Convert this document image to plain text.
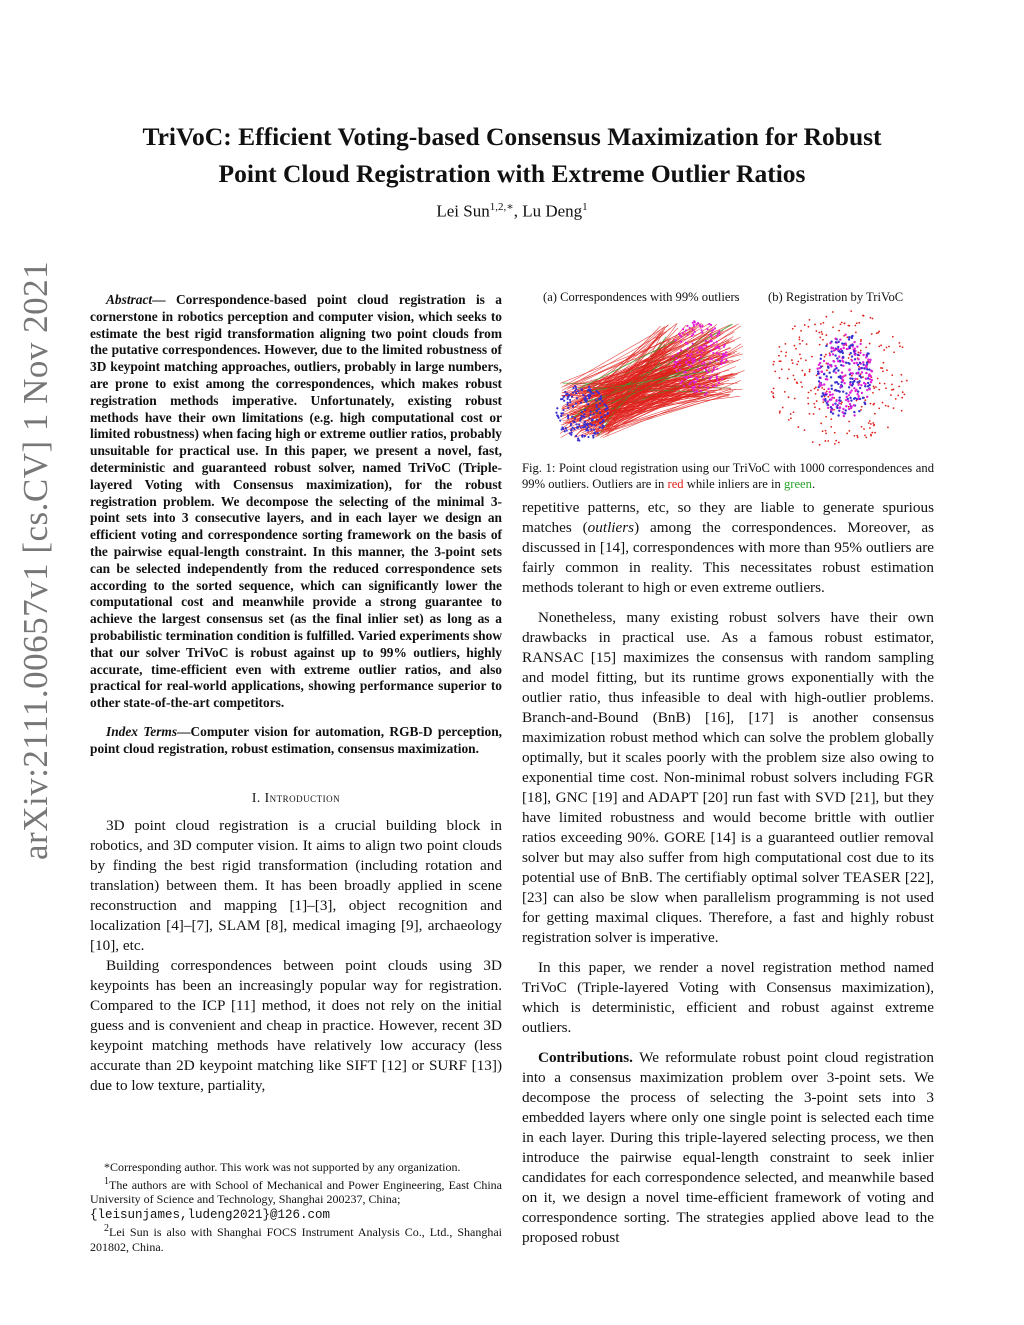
arXiv:2111.00657v1 [cs.CV] 1 Nov 2021
TriVoC: Efficient Voting-based Consensus Maximization for Robust
Point Cloud Registration with Extreme Outlier Ratios
Lei Sun$^{1,2,∗}$, Lu Deng$^1$

Abstract— Correspondence-based point cloud registration is a cornerstone in robotics perception and computer vision, which seeks to estimate the best rigid transformation aligning two point clouds from the putative correspondences. However, due to the limited robustness of 3D keypoint matching approaches, outliers, probably in large numbers, are prone to exist among the correspondences, which makes robust registration methods imperative. Unfortunately, existing robust methods have their own limitations (e.g. high computational cost or limited robustness) when facing high or extreme outlier ratios, probably unsuitable for practical use. In this paper, we present a novel, fast, deterministic and guaranteed robust solver, named TriVoC (Triple-layered Voting with Consensus maximization), for the robust registration problem. We decompose the selecting of the minimal 3-point sets into 3 consecutive layers, and in each layer we design an efficient voting and correspondence sorting framework on the basis of the pairwise equal-length constraint. In this manner, the 3-point sets can be selected independently from the reduced correspondence sets according to the sorted sequence, which can significantly lower the computational cost and meanwhile provide a strong guarantee to achieve the largest consensus set (as the final inlier set) as long as a probabilistic termination condition is fulfilled. Varied experiments show that our solver TriVoC is robust against up to 99% outliers, highly accurate, time-efficient even with extreme outlier ratios, and also practical for real-world applications, showing performance superior to other state-of-the-art competitors.

Index Terms—Computer vision for automation, RGB-D perception, point cloud registration, robust estimation, consensus maximization.

I. Introduction

3D point cloud registration is a crucial building block in robotics, and 3D computer vision. It aims to align two point clouds by finding the best rigid transformation (including rotation and translation) between them. It has been broadly applied in scene reconstruction and mapping [1]–[3], object recognition and localization [4]–[7], SLAM [8], medical imaging [9], archaeology [10], etc.

Building correspondences between point clouds using 3D keypoints has been an increasingly popular way for registration. Compared to the ICP [11] method, it does not rely on the initial guess and is convenient and cheap in practice. However, recent 3D keypoint matching methods have relatively low accuracy (less accurate than 2D keypoint matching like SIFT [12] or SURF [13]) due to low texture, partiality,

*Corresponding author. This work was not supported by any organization.

$^1$The authors are with School of Mechanical and Power Engineering, East China University of Science and Technology, Shanghai 200237, China;
{leisunjames,ludeng2021}@126.com

$^2$Lei Sun is also with Shanghai FOCS Instrument Analysis Co., Ltd., Shanghai 201802, China.

(a) Correspondences with 99% outliers (b) Registration by TriVoC
Fig. 1: Point cloud registration using our TriVoC with 1000 correspondences and 99% outliers. Outliers are in red while inliers are in green.

repetitive patterns, etc, so they are liable to generate spurious matches (outliers) among the correspondences. Moreover, as discussed in [14], correspondences with more than 95% outliers are fairly common in reality. This necessitates robust estimation methods tolerant to high or even extreme outliers.

Nonetheless, many existing robust solvers have their own drawbacks in practical use. As a famous robust estimator, RANSAC [15] maximizes the consensus with random sampling and model fitting, but its runtime grows exponentially with the outlier ratio, thus infeasible to deal with high-outlier problems. Branch-and-Bound (BnB) [16], [17] is another consensus maximization robust method which can solve the problem globally optimally, but it scales poorly with the problem size also owing to exponential time cost. Non-minimal robust solvers including FGR [18], GNC [19] and ADAPT [20] run fast with SVD [21], but they have limited robustness and would become brittle with outlier ratios exceeding 90%. GORE [14] is a guaranteed outlier removal solver but may also suffer from high computational cost due to its potential use of BnB. The certifiably optimal solver TEASER [22], [23] can also be slow when parallelism programming is not used for getting maximal cliques. Therefore, a fast and highly robust registration solver is imperative.

In this paper, we render a novel registration method named TriVoC (Triple-layered Voting with Consensus maximization), which is deterministic, efficient and robust against extreme outliers.

Contributions. We reformulate robust point cloud registration into a consensus maximization problem over 3-point sets. We decompose the process of selecting the 3-point sets into 3 embedded layers where only one single point is selected each time in each layer. During this triple-layered selecting process, we then introduce the pairwise equal-length constraint to seek inlier candidates for each correspondence selected, and meanwhile based on it, we design a novel time-efficient framework of voting and correspondence sorting. The strategies applied above lead to the proposed robust
